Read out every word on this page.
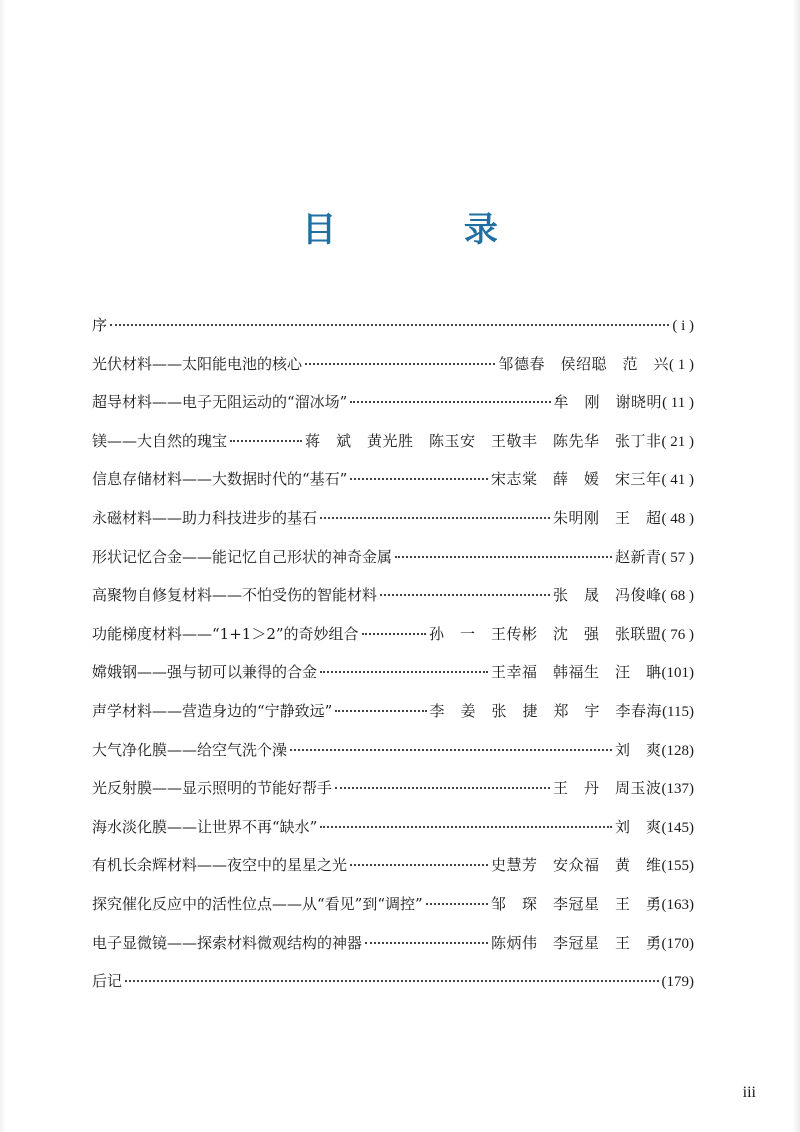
目 录
序	( i )
光伏材料——太阳能电池的核心	邹德春　侯绍聪　范　兴 ( 1 )
超导材料——电子无阻运动的“溜冰场”	牟　刚　谢晓明 ( 11 )
镁——大自然的瑰宝	蒋　斌　黄光胜　陈玉安　王敬丰　陈先华　张丁非 ( 21 )
信息存储材料——大数据时代的“基石”	宋志棠　薛　媛　宋三年 ( 41 )
永磁材料——助力科技进步的基石	朱明刚　王　超 ( 48 )
形状记忆合金——能记忆自己形状的神奇金属	赵新青 ( 57 )
高聚物自修复材料——不怕受伤的智能材料	张　晟　冯俊峰 ( 68 )
功能梯度材料——“1+1＞2”的奇妙组合	孙　一　王传彬　沈　强　张联盟 ( 76 )
嫦娥钢——强与韧可以兼得的合金	王幸福　韩福生　汪　聃 (101)
声学材料——营造身边的“宁静致远”	李　姜　张　捷　郑　宇　李春海 (115)
大气净化膜——给空气洗个澡	刘　爽 (128)
光反射膜——显示照明的节能好帮手	王　丹　周玉波 (137)
海水淡化膜——让世界不再“缺水”	刘　爽 (145)
有机长余辉材料——夜空中的星星之光	史慧芳　安众福　黄　维 (155)
探究催化反应中的活性位点——从“看见”到“调控”	邹　琛　李冠星　王　勇 (163)
电子显微镜——探索材料微观结构的神器	陈炳伟　李冠星　王　勇 (170)
后记	(179)
iii
